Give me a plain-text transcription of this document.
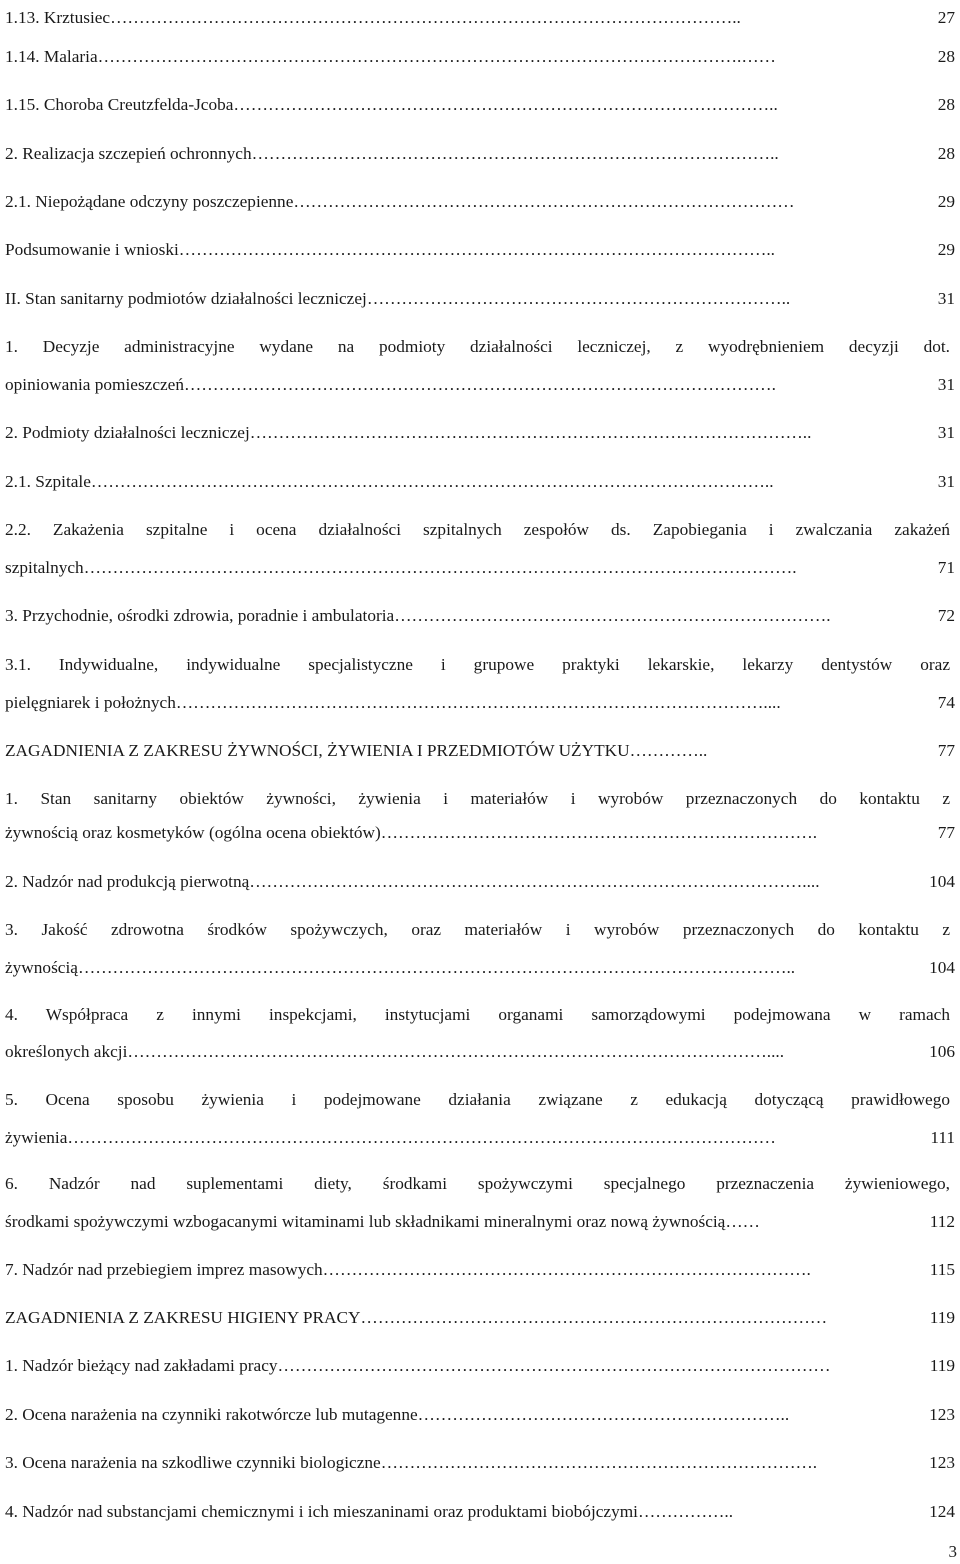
1.13. Krztusiec………………………………………………………………………………………………..	27
1.14. Malaria………………………………………………………………………………………………….……	28
1.15. Choroba Creutzfelda-Jcoba…………………………………………………………………………………..	28
2. Realizacja szczepień ochronnych………………………………………………………………………………..	28
2.1. Niepożądane odczyny poszczepienne……………………………………………………………………………	29
Podsumowanie i wnioski…………………………………………………………………………………………..	29
II. Stan sanitarny podmiotów działalności leczniczej………………………………………………………………..	31
1. Decyzje administracyjne wydane na podmioty działalności leczniczej, z wyodrębnieniem decyzji dot.
opiniowania pomieszczeń………………………………………………………………………………………….	31
2. Podmioty działalności leczniczej……………………………………………………………………………………..	31
2.1. Szpitale………………………………………………………………………………………………………..	31
2.2. Zakażenia szpitalne i ocena działalności szpitalnych zespołów ds. Zapobiegania i zwalczania zakażeń
szpitalnych…………………………………………………………………………………………………………….	71
3. Przychodnie, ośrodki zdrowia, poradnie i ambulatoria………………………………………………………………….	72
3.1. Indywidualne, indywidualne specjalistyczne i grupowe praktyki lekarskie, lekarzy dentystów oraz
pielęgniarek i położnych…………………………………………………………………………………………....	74
ZAGADNIENIA Z ZAKRESU ŻYWNOŚCI, ŻYWIENIA I PRZEDMIOTÓW UŻYTKU…………..	77
1. Stan sanitarny obiektów żywności, żywienia i materiałów i wyrobów przeznaczonych do kontaktu z
żywnością oraz kosmetyków (ogólna ocena obiektów)………………………………………………………………….	77
2. Nadzór nad produkcją pierwotną……………………………………………………………………………………....	104
3. Jakość zdrowotna środków spożywczych, oraz materiałów i wyrobów przeznaczonych do kontaktu z
żywnością……………………………………………………………………………………………………………..	104
4. Współpraca z innymi inspekcjami, instytucjami organami samorządowymi podejmowana w ramach
określonych akcji…………………………………………………………………………………………………....	106
5. Ocena sposobu żywienia i podejmowane działania związane z edukacją dotyczącą prawidłowego
żywienia……………………………………………………………………………………………………………	111
6. Nadzór nad suplementami diety, środkami spożywczymi specjalnego przeznaczenia żywieniowego,
środkami spożywczymi wzbogacanymi witaminami lub składnikami mineralnymi oraz nową żywnością……	112
7. Nadzór nad przebiegiem imprez masowych………………………………………………………………………….	115
ZAGADNIENIA Z ZAKRESU HIGIENY PRACY………………………………………………………………………	119
1. Nadzór bieżący nad zakładami pracy……………………………………………………………………………………	119
2. Ocena narażenia na czynniki rakotwórcze lub mutagenne………………………………………………………..	123
3. Ocena narażenia na szkodliwe czynniki biologiczne………………………………………………………………….	123
4. Nadzór nad substancjami chemicznymi i ich mieszaninami oraz produktami biobójczymi……………..	124
3
